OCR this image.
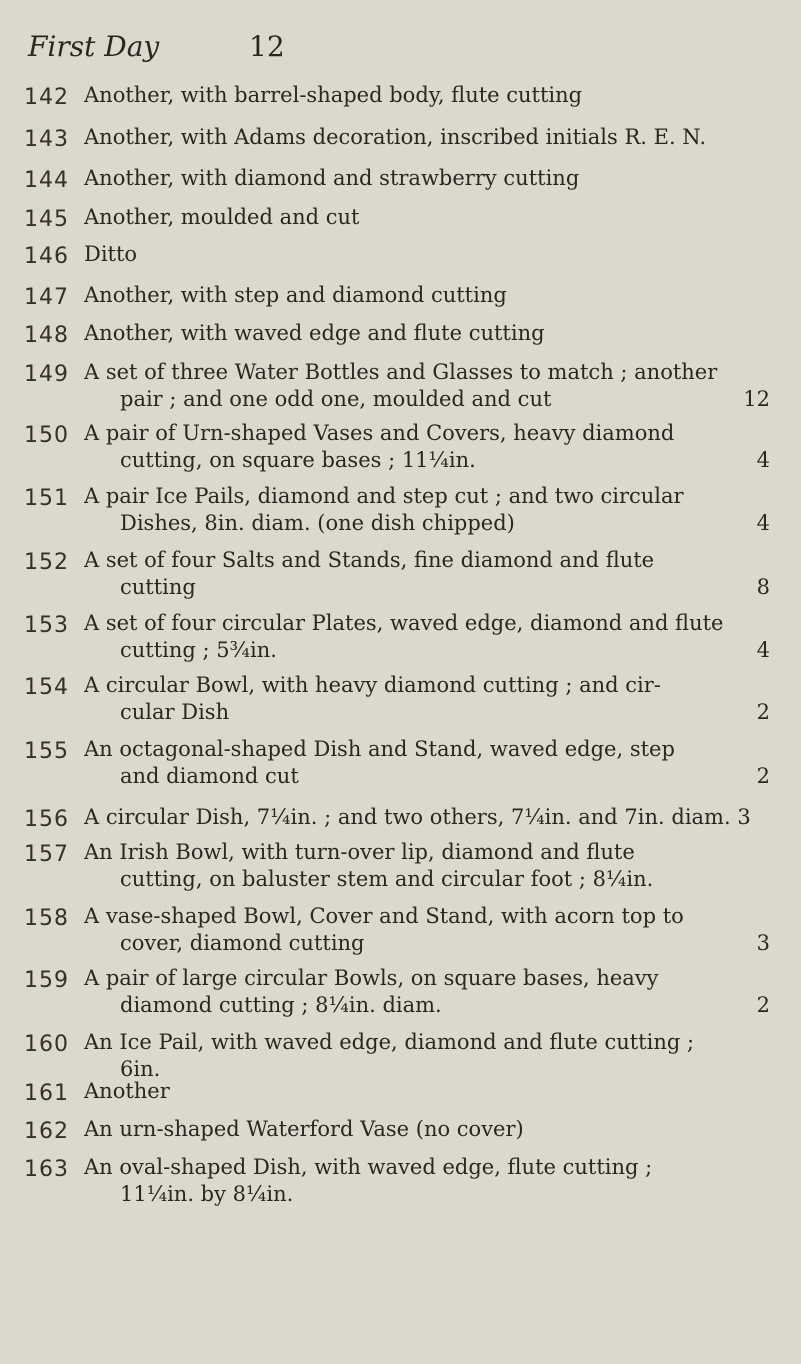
First Day	12
142 Another, with barrel-shaped body, flute cutting
143 Another, with Adams decoration, inscribed initials R. E. N.
144 Another, with diamond and strawberry cutting
145 Another, moulded and cut
146 Ditto
147 Another, with step and diamond cutting
148 Another, with waved edge and flute cutting
149 A set of three Water Bottles and Glasses to match ; another
pair ; and one odd one, moulded and cut	12
150 A pair of Urn-shaped Vases and Covers, heavy diamond
cutting, on square bases ; 11¼in.	4
151 A pair Ice Pails, diamond and step cut ; and two circular
Dishes, 8in. diam. (one dish chipped)	4
152 A set of four Salts and Stands, fine diamond and flute
cutting	8
153 A set of four circular Plates, waved edge, diamond and flute
cutting ; 5¾in.	4
154 A circular Bowl, with heavy diamond cutting ; and cir-
cular Dish	2
155 An octagonal-shaped Dish and Stand, waved edge, step
and diamond cut	2
156 A circular Dish, 7¼in. ; and two others, 7¼in. and 7in. diam. 3
157 An Irish Bowl, with turn-over lip, diamond and flute
cutting, on baluster stem and circular foot ; 8¼in.
158 A vase-shaped Bowl, Cover and Stand, with acorn top to
cover, diamond cutting	3
159 A pair of large circular Bowls, on square bases, heavy
diamond cutting ; 8¼in. diam.	2
160 An Ice Pail, with waved edge, diamond and flute cutting ;
6in.
161 Another
162 An urn-shaped Waterford Vase (no cover)
163 An oval-shaped Dish, with waved edge, flute cutting ;
11¼in. by 8¼in.
